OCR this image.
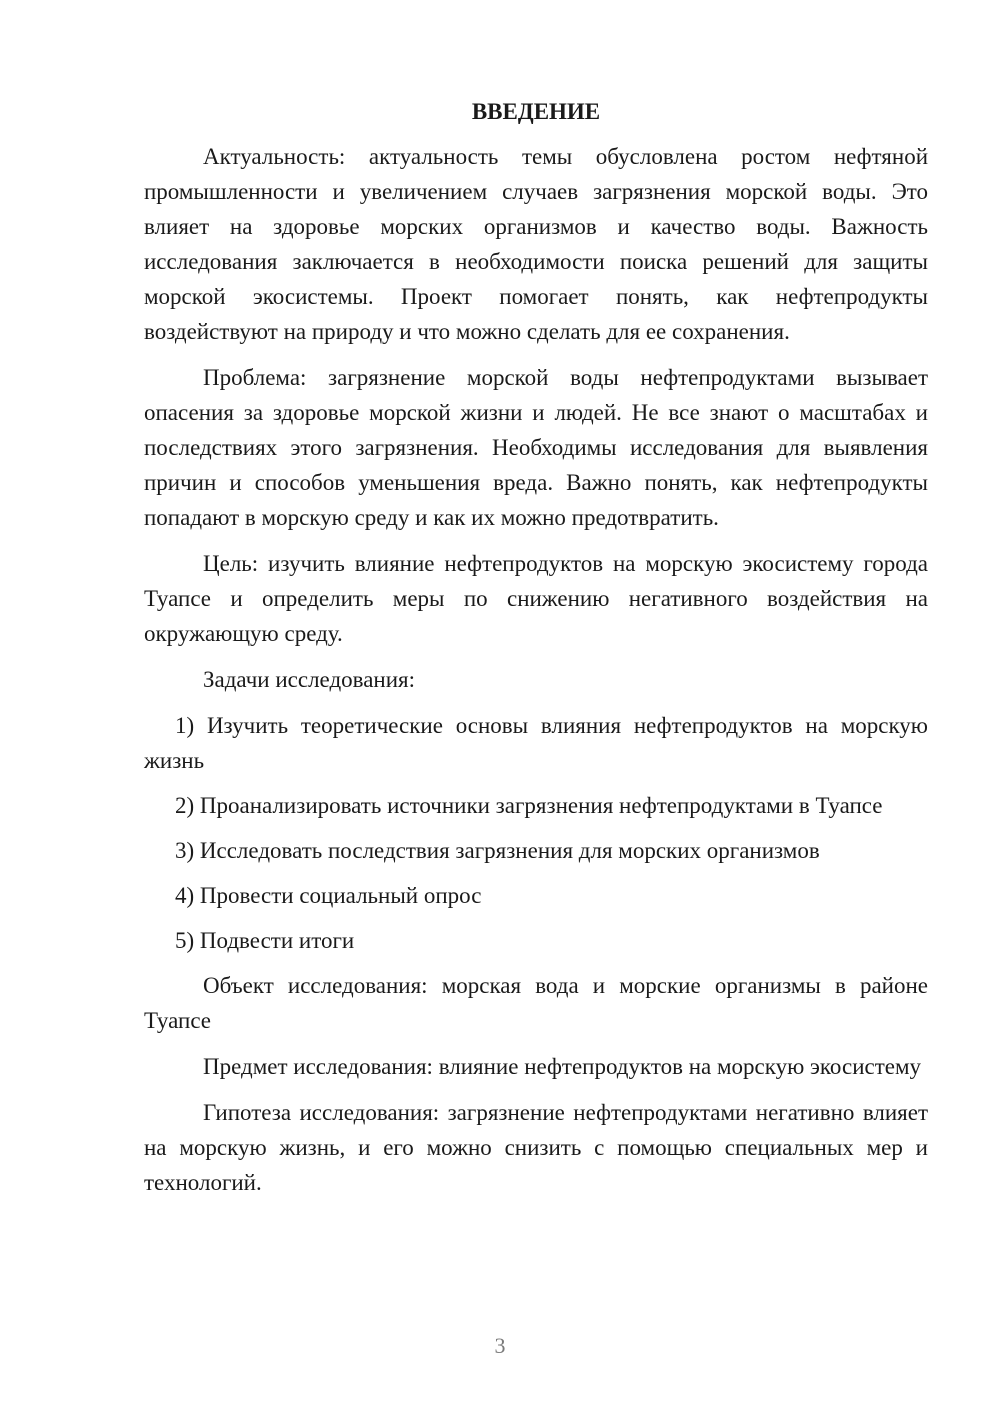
ВВЕДЕНИЕ

Актуальность: актуальность темы обусловлена ростом нефтяной промышленности и увеличением случаев загрязнения морской воды. Это влияет на здоровье морских организмов и качество воды. Важность исследования заключается в необходимости поиска решений для защиты морской экосистемы. Проект помогает понять, как нефтепродукты воздействуют на природу и что можно сделать для ее сохранения.

Проблема: загрязнение морской воды нефтепродуктами вызывает опасения за здоровье морской жизни и людей. Не все знают о масштабах и последствиях этого загрязнения. Необходимы исследования для выявления причин и способов уменьшения вреда. Важно понять, как нефтепродукты попадают в морскую среду и как их можно предотвратить.

Цель: изучить влияние нефтепродуктов на морскую экосистему города Туапсе и определить меры по снижению негативного воздействия на окружающую среду.

Задачи исследования:

1) Изучить теоретические основы влияния нефтепродуктов на морскую жизнь

2) Проанализировать источники загрязнения нефтепродуктами в Туапсе

3) Исследовать последствия загрязнения для морских организмов

4) Провести социальный опрос

5) Подвести итоги

Объект исследования: морская вода и морские организмы в районе Туапсе

Предмет исследования: влияние нефтепродуктов на морскую экосистему

Гипотеза исследования: загрязнение нефтепродуктами негативно влияет на морскую жизнь, и его можно снизить с помощью специальных мер и технологий.

3
